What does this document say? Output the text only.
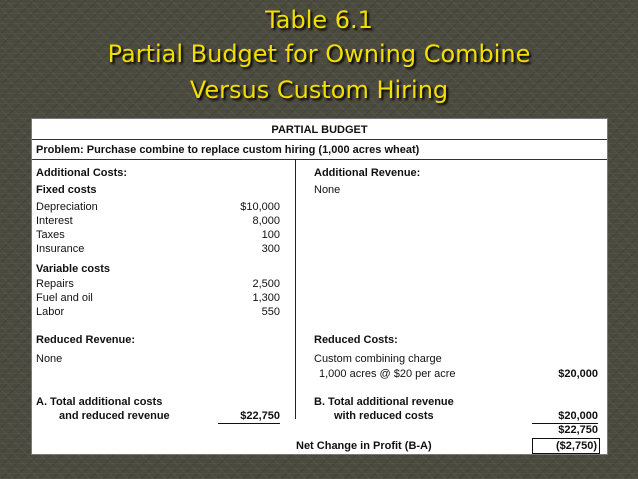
Table 6.1
Partial Budget for Owning Combine
Versus Custom Hiring
PARTIAL BUDGET
Problem: Purchase combine to replace custom hiring (1,000 acres wheat)
Additional Costs:
Fixed costs
Depreciation	$10,000
Interest	8,000
Taxes	100
Insurance	300
Variable costs
Repairs	2,500
Fuel and oil	1,300
Labor	550
Reduced Revenue:
None
A. Total additional costs
and reduced revenue	$22,750
Additional Revenue:
None
Reduced Costs:
Custom combining charge
1,000 acres @ $20 per acre	$20,000
B. Total additional revenue
with reduced costs	$20,000
$22,750
Net Change in Profit (B-A)	($2,750)
